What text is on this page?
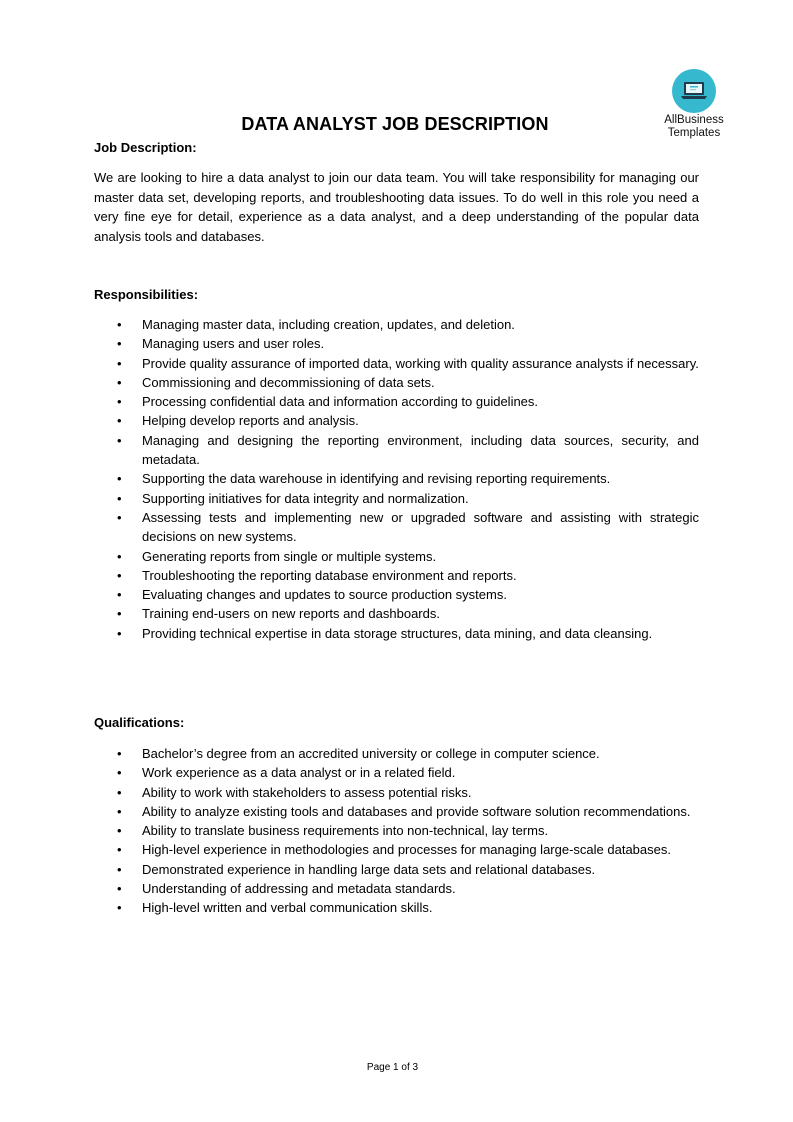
AllBusiness
Templates
DATA ANALYST JOB DESCRIPTION
Job Description:
We are looking to hire a data analyst to join our data team. You will take responsibility for managing our master data set, developing reports, and troubleshooting data issues. To do well in this role you need a very fine eye for detail, experience as a data analyst, and a deep understanding of the popular data analysis tools and databases.
Responsibilities:
• Managing master data, including creation, updates, and deletion.
• Managing users and user roles.
• Provide quality assurance of imported data, working with quality assurance analysts if necessary.
• Commissioning and decommissioning of data sets.
• Processing confidential data and information according to guidelines.
• Helping develop reports and analysis.
• Managing and designing the reporting environment, including data sources, security, and metadata.
• Supporting the data warehouse in identifying and revising reporting requirements.
• Supporting initiatives for data integrity and normalization.
• Assessing tests and implementing new or upgraded software and assisting with strategic decisions on new systems.
• Generating reports from single or multiple systems.
• Troubleshooting the reporting database environment and reports.
• Evaluating changes and updates to source production systems.
• Training end-users on new reports and dashboards.
• Providing technical expertise in data storage structures, data mining, and data cleansing.
Qualifications:
• Bachelor’s degree from an accredited university or college in computer science.
• Work experience as a data analyst or in a related field.
• Ability to work with stakeholders to assess potential risks.
• Ability to analyze existing tools and databases and provide software solution recommendations.
• Ability to translate business requirements into non-technical, lay terms.
• High-level experience in methodologies and processes for managing large-scale databases.
• Demonstrated experience in handling large data sets and relational databases.
• Understanding of addressing and metadata standards.
• High-level written and verbal communication skills.
Page 1 of 3
